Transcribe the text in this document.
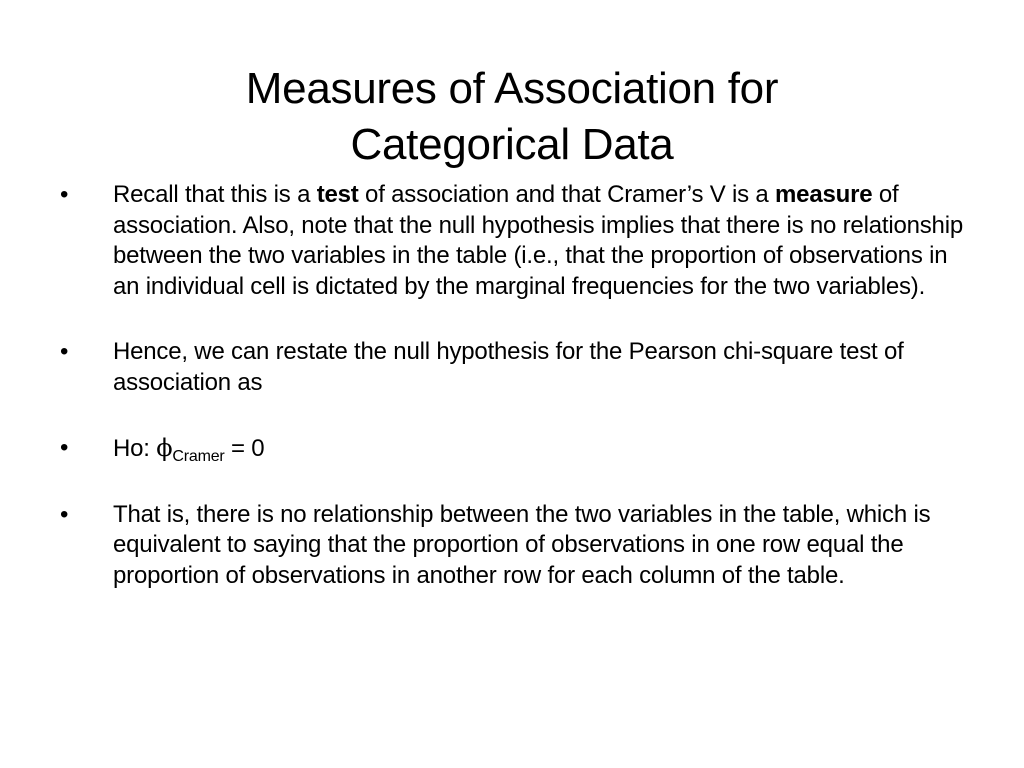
Measures of Association for
Categorical Data
•	Recall that this is a test of association and that Cramer’s V is a measure of association. Also, note that the null hypothesis implies that there is no relationship between the two variables in the table (i.e., that the proportion of observations in an individual cell is dictated by the marginal frequencies for the two variables).
•	Hence, we can restate the null hypothesis for the Pearson chi-square test of association as
•	Ho: $\phi_{Cramer} = 0$
•	That is, there is no relationship between the two variables in the table, which is equivalent to saying that the proportion of observations in one row equal the proportion of observations in another row for each column of the table.
